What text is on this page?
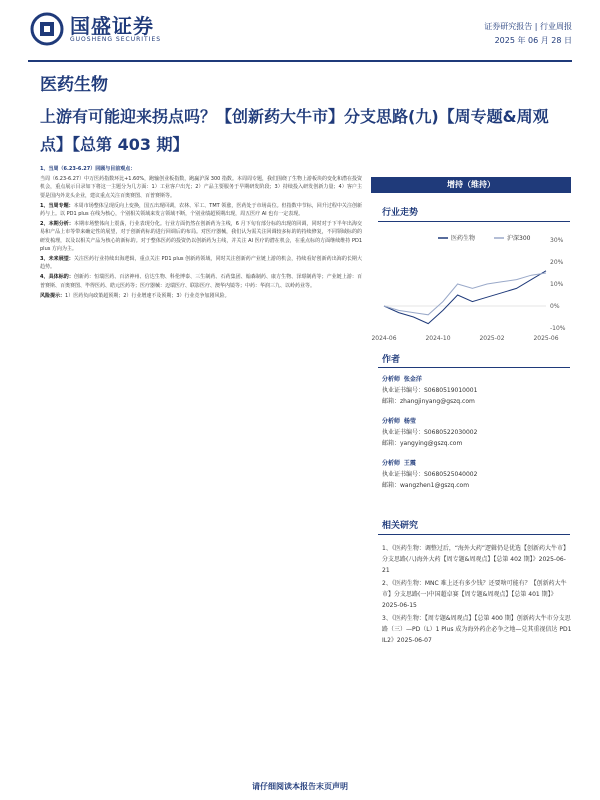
国盛证券
GUOSHENG SECURITIES
证券研究报告 | 行业周报
2025 年 06 月 28 日
医药生物
上游有可能迎来拐点吗？【创新药大牛市】分支思路(九)【周专题&周观点】【总第 403 期】

1、当周（6.23-6.27）回顾与目前观点：

当周（6.23-6.27）中万医药指数环比+1.60%，跑输创业板指数，跑赢沪深 300 指数。本周周专题，我们围绕了生物上游板块的变化和潜在投资机会，重点展示目录如下将这一主题分为几方面：1）工业客户出光；2）产品主要服务于早期研发阶段；3）持续投入研发创新力量；4）客户主要是国内外龙头企业，建议重点关注百奥赛图、百普赛斯等。

1、当周专题：本周市场整体呈现反向上变换，国五出现回调，农林、军工、TMT 领涨，医药处于市场高位。但指数中节标，回升过程中关注创新药与上。以 PD1 plus 在线为核心，个别相关领域来发言领域不断，个别业绩超预期出现，周五医疗 AI 也有一定表现。

2、本期分析：本期市场整体向上震荡，行业表现分化。行业方面仍然在创新药为主线，6 月下旬有部分标的出现的回调，同时对于下半年出海交易和产品上市等带来确定性的展望，对于创新药标的进行回调后的布局。对医疗器械，我们认为需关注回调较多标的的持续修复，不同领域标的的研发梳理，以及以相关产品为核心的新标的。对于整体医药的投资仍以创新药为主线，并关注 AI 医疗的潜在机会，在重点标的方面继续维持 PD1 plus 方向为主。

3、未来展望：关注医药行业持续出海逻辑，重点关注 PD1 plus 创新药领域，同时关注创新药产业链上游的机会，持续看好创新药出海的长期大趋势。

4、具体标的：创新药：恒瑞医药、百济神州、信达生物、科伦博泰、三生制药、石药集团、翰森制药、康方生物、泽璟制药等；产业链上游：百普赛斯、百奥赛图、毕得医药、皓元医药等；医疗器械：迈瑞医疗、联影医疗、澳华内镜等；中药：华润三九、以岭药业等。

风险提示：1）医药负向政策超预期；2）行业增速不及预期；3）行业竞争加剧风险。

增持（维持）
行业走势
30%
20%
10%
0%
-10%
2024-06	2024-10	2025-02	2025-06
医药生物	沪深300
作者
分析师 张金洋
执业证书编号：S0680519010001
邮箱：zhangjinyang@gszq.com
分析师 杨莹
执业证书编号：S0680522030002
邮箱：yangying@gszq.com
分析师 王震
执业证书编号：S0680525040002
邮箱：wangzhen1@gszq.com
相关研究

1、《医药生物：调整过后，“海外大药”逻辑仍是优选【创新药大牛市】分支思路(八)海外大药【周专题&周观点】【总第 402 期】》2025-06-21

2、《医药生物：MNC 难上还有多少钱？还要啥可能有？【创新药大牛市】分支思路(一)中国超卓赛【周专题&周观点】【总第 401 期】》2025-06-15

3、《医药生物：【周专题&周观点】【总第 400 期】创新药大牛市分支思路（三）—PD（L）1 Plus 成为海外药企必争之地—兑其重视信达 PD1 IL2》2025-06-07

请仔细阅读本报告末页声明
